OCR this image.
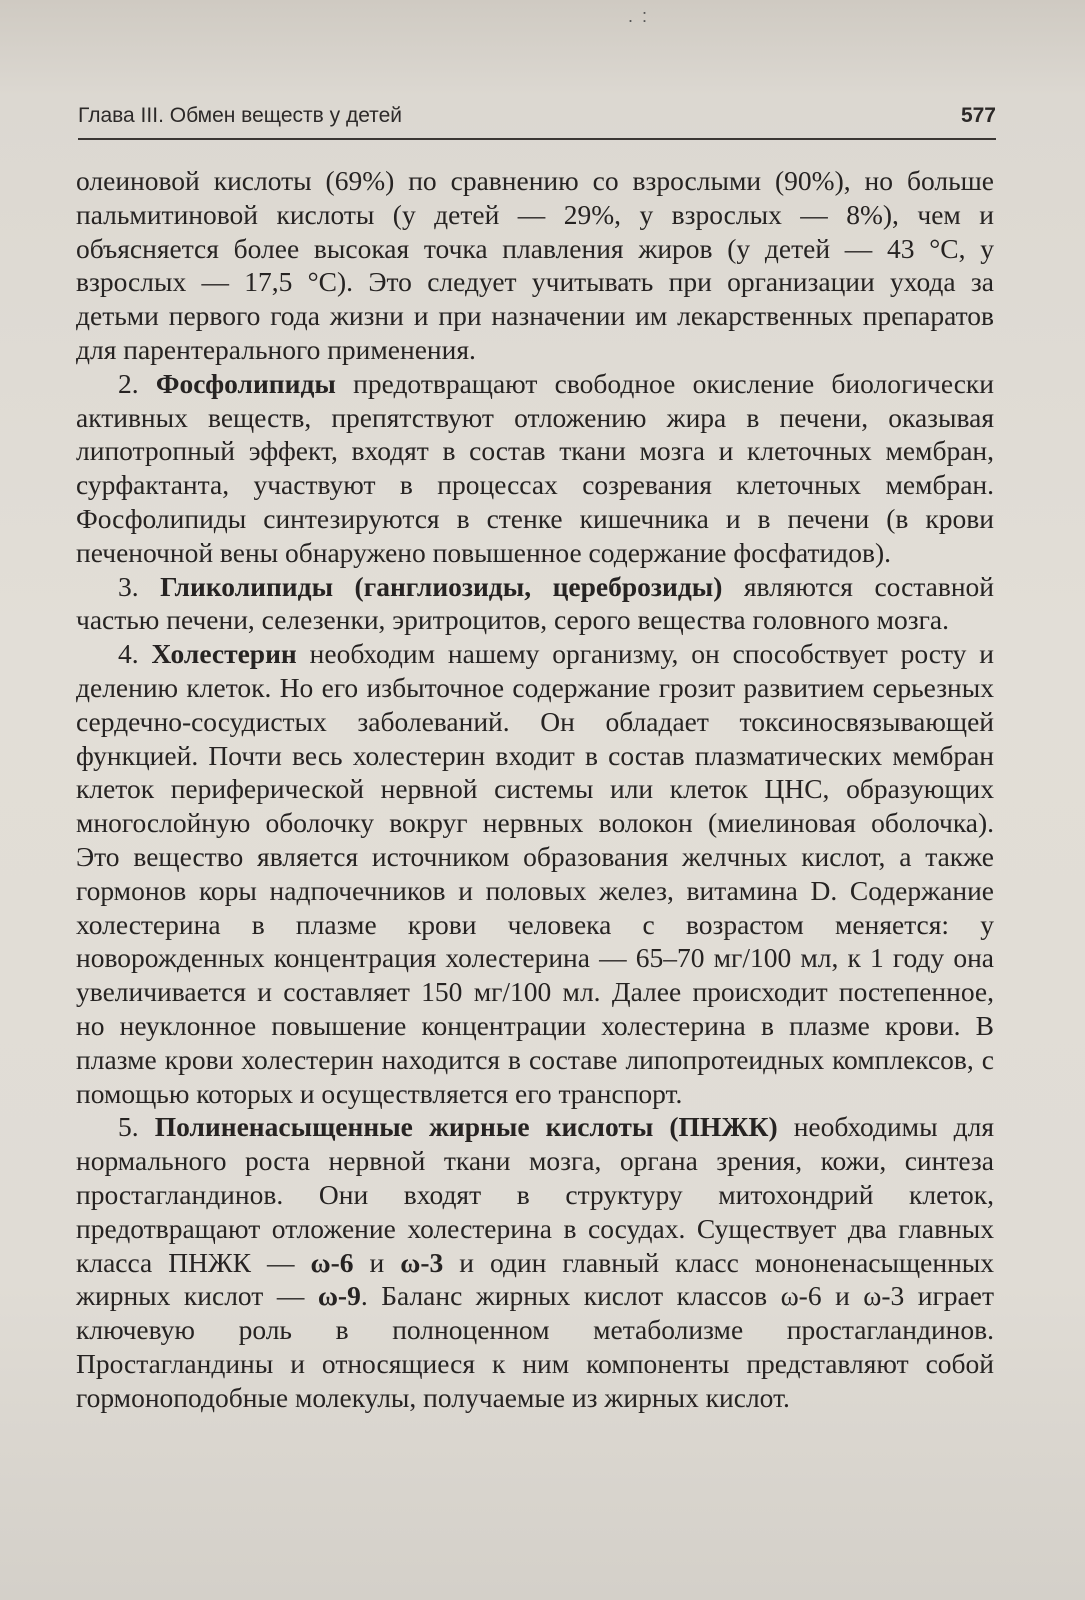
. :
Глава III. Обмен веществ у детей	577

олеиновой кислоты (69%) по сравнению со взрослыми (90%), но больше пальмитиновой кислоты (у детей — 29%, у взрослых — 8%), чем и объясняется более высокая точка плавления жиров (у детей — 43 °С, у взрослых — 17,5 °С). Это следует учитывать при организации ухода за детьми первого года жизни и при назначении им лекарственных препаратов для парентерального применения.

2. Фосфолипиды предотвращают свободное окисление биологически активных веществ, препятствуют отложению жира в печени, оказывая липотропный эффект, входят в состав ткани мозга и клеточных мембран, сурфактанта, участвуют в процессах созревания клеточных мембран. Фосфолипиды синтезируются в стенке кишечника и в печени (в крови печеночной вены обнаружено повышенное содержание фосфатидов).

3. Гликолипиды (ганглиозиды, цереброзиды) являются составной частью печени, селезенки, эритроцитов, серого вещества головного мозга.

4. Холестерин необходим нашему организму, он способствует росту и делению клеток. Но его избыточное содержание грозит развитием серьезных сердечно-сосудистых заболеваний. Он обладает токсиносвязывающей функцией. Почти весь холестерин входит в состав плазматических мембран клеток периферической нервной системы или клеток ЦНС, образующих многослойную оболочку вокруг нервных волокон (миелиновая оболочка). Это вещество является источником образования желчных кислот, а также гормонов коры надпочечников и половых желез, витамина D. Содержание холестерина в плазме крови человека с возрастом меняется: у новорожденных концентрация холестерина — 65–70 мг/100 мл, к 1 году она увеличивается и составляет 150 мг/100 мл. Далее происходит постепенное, но неуклонное повышение концентрации холестерина в плазме крови. В плазме крови холестерин находится в составе липопротеидных комплексов, с помощью которых и осуществляется его транспорт.

5. Полиненасыщенные жирные кислоты (ПНЖК) необходимы для нормального роста нервной ткани мозга, органа зрения, кожи, синтеза простагландинов. Они входят в структуру митохондрий клеток, предотвращают отложение холестерина в сосудах. Существует два главных класса ПНЖК — ω-6 и ω-3 и один главный класс мононенасыщенных жирных кислот — ω-9. Баланс жирных кислот классов ω-6 и ω-3 играет ключевую роль в полноценном метаболизме простагландинов. Простагландины и относящиеся к ним компоненты представляют собой гормоноподобные молекулы, получаемые из жирных кислот.
